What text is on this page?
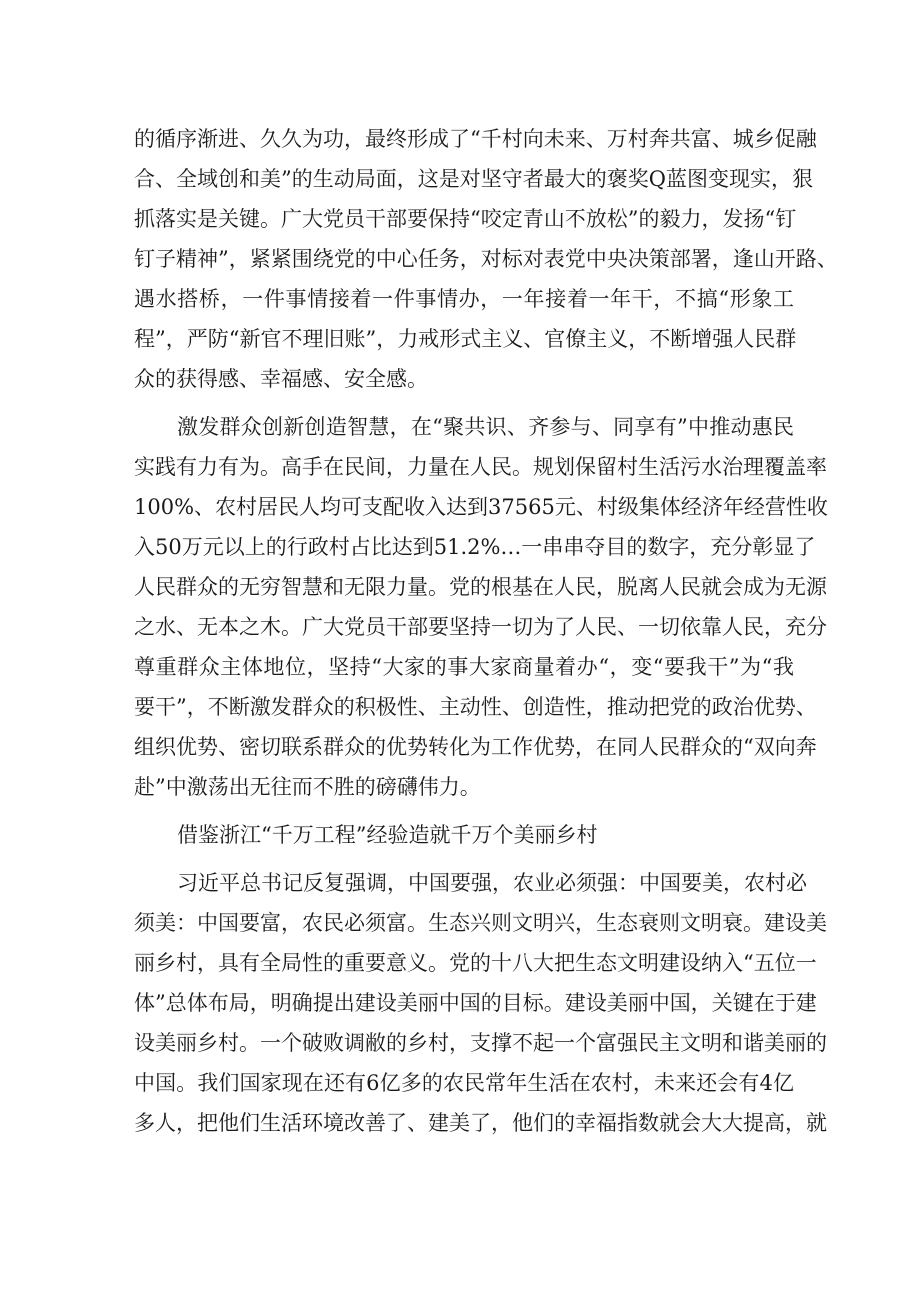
的循序渐进、久久为功，最终形成了“千村向未来、万村奔共富、城乡促融
合、全域创和美”的生动局面，这是对坚守者最大的褒奖Q蓝图变现实，狠
抓落实是关键。广大党员干部要保持“咬定青山不放松”的毅力，发扬“钉
钉子精神”，紧紧围绕党的中心任务，对标对表党中央决策部署，逢山开路、
遇水搭桥，一件事情接着一件事情办，一年接着一年干，不搞“形象工
程”，严防“新官不理旧账”，力戒形式主义、官僚主义，不断增强人民群
众的获得感、幸福感、安全感。
激发群众创新创造智慧，在“聚共识、齐参与、同享有”中推动惠民
实践有力有为。高手在民间，力量在人民。规划保留村生活污水治理覆盖率
100%、农村居民人均可支配收入达到37565元、村级集体经济年经营性收
入50万元以上的行政村占比达到51.2%…一串串夺目的数字，充分彰显了
人民群众的无穷智慧和无限力量。党的根基在人民，脱离人民就会成为无源
之水、无本之木。广大党员干部要坚持一切为了人民、一切依靠人民，充分
尊重群众主体地位，坚持“大家的事大家商量着办“，变“要我干”为“我
要干”，不断激发群众的积极性、主动性、创造性，推动把党的政治优势、
组织优势、密切联系群众的优势转化为工作优势，在同人民群众的“双向奔
赴”中激荡出无往而不胜的磅礴伟力。
借鉴浙江“千万工程”经验造就千万个美丽乡村
习近平总书记反复强调，中国要强，农业必须强：中国要美，农村必
须美：中国要富，农民必须富。生态兴则文明兴，生态衰则文明衰。建设美
丽乡村，具有全局性的重要意义。党的十八大把生态文明建设纳入“五位一
体”总体布局，明确提出建设美丽中国的目标。建设美丽中国，关键在于建
设美丽乡村。一个破败调敝的乡村，支撑不起一个富强民主文明和谐美丽的
中国。我们国家现在还有6亿多的农民常年生活在农村，未来还会有4亿
多人，把他们生活环境改善了、建美了，他们的幸福指数就会大大提高，就
